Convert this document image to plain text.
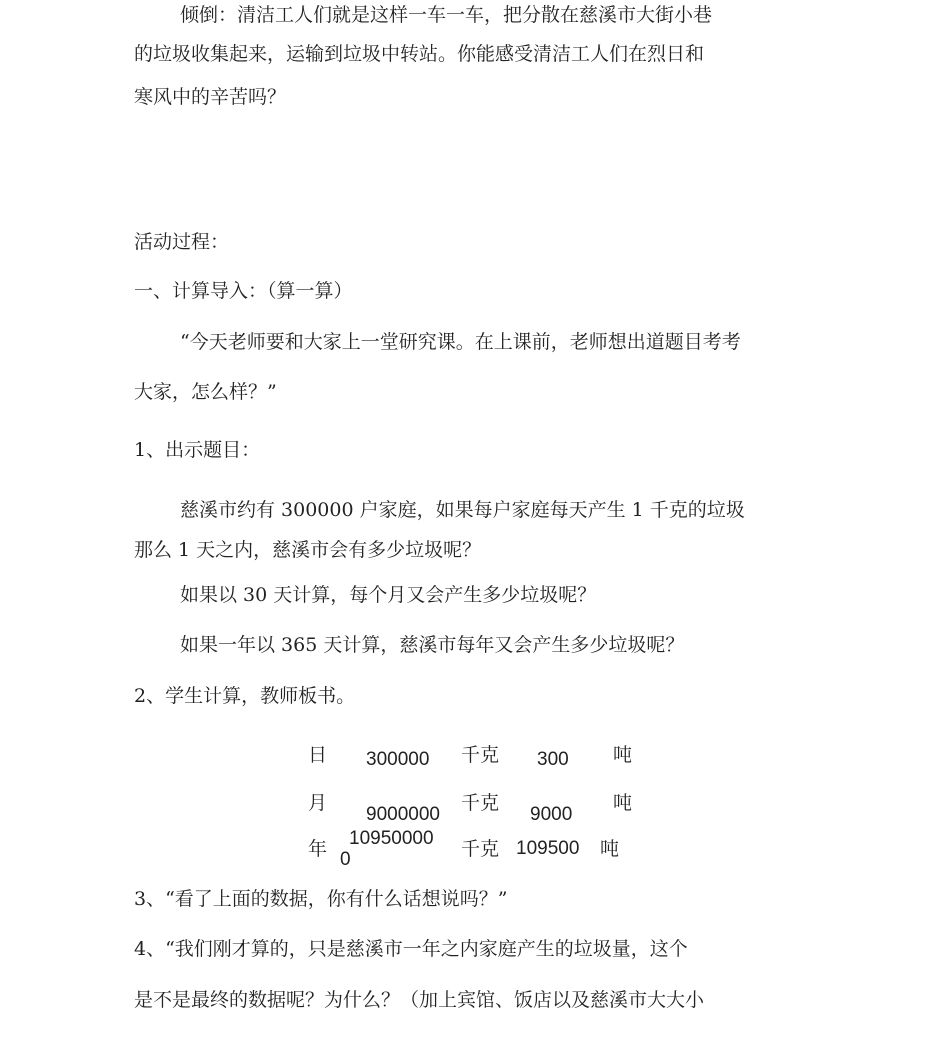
倾倒：清洁工人们就是这样一车一车，把分散在慈溪市大街小巷
的垃圾收集起来，运输到垃圾中转站。你能感受清洁工人们在烈日和
寒风中的辛苦吗？
活动过程：
一、计算导入：（算一算）
“今天老师要和大家上一堂研究课。在上课前，老师想出道题目考考
大家，怎么样？”
1、出示题目：
慈溪市约有 300000 户家庭，如果每户家庭每天产生 1 千克的垃圾
那么 1 天之内，慈溪市会有多少垃圾呢？
如果以 30 天计算，每个月又会产生多少垃圾呢？
如果一年以 365 天计算，慈溪市每年又会产生多少垃圾呢？
2、学生计算，教师板书。
日 300000 千克 300 吨
月
9000000
千克
9000
吨
年 10950000
0	千克 109500 吨
3、“看了上面的数据，你有什么话想说吗？”
4、“我们刚才算的，只是慈溪市一年之内家庭产生的垃圾量，这个
是不是最终的数据呢？为什么？（加上宾馆、饭店以及慈溪市大大小
